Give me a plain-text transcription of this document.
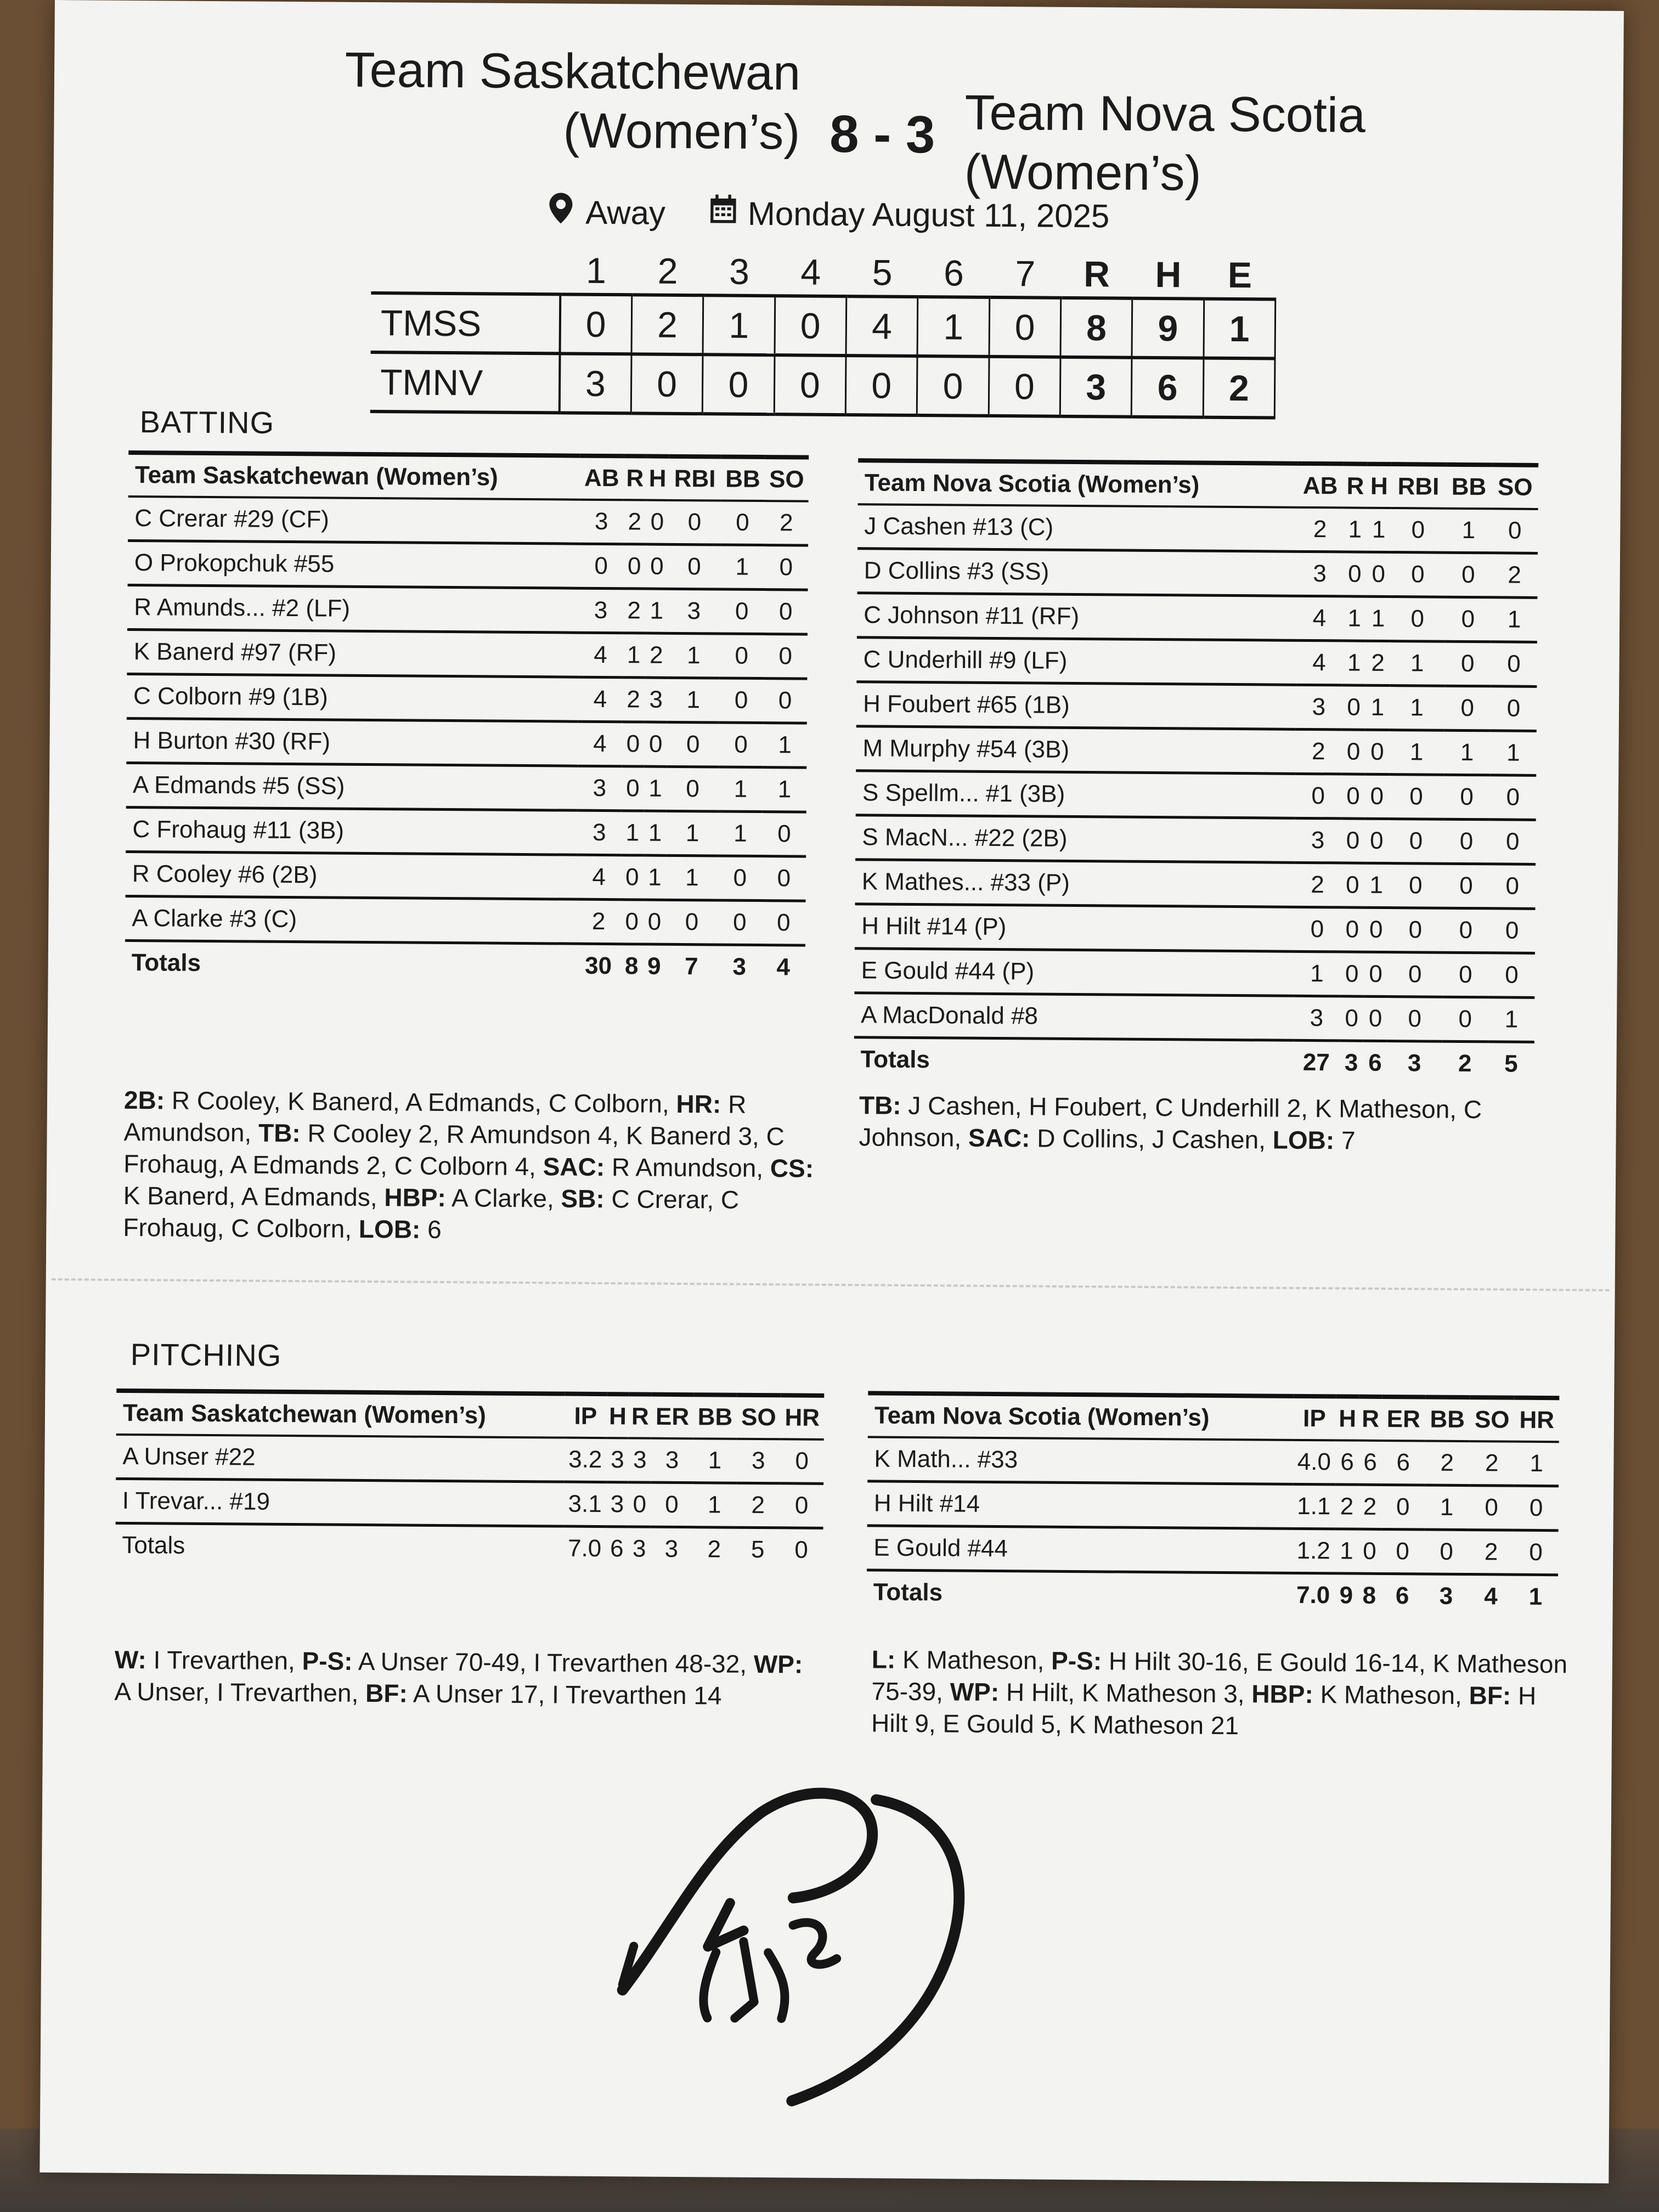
Team Saskatchewan
(Women’s) 8 - 3 Team Nova Scotia
(Women’s)
Away Monday August 11, 2025
	1	2	3	4	5	6	7	R	H	E
TMSS	0	2	1	0	4	1	0	8	9	1
TMNV	3	0	0	0	0	0	0	3	6	2
BATTING
Team Saskatchewan (Women’s)	AB	R	H	RBI	BB	SO
C Crerar #29 (CF)	3	2	0	0	0	2
O Prokopchuk #55	0	0	0	0	1	0
R Amunds... #2 (LF)	3	2	1	3	0	0
K Banerd #97 (RF)	4	1	2	1	0	0
C Colborn #9 (1B)	4	2	3	1	0	0
H Burton #30 (RF)	4	0	0	0	0	1
A Edmands #5 (SS)	3	0	1	0	1	1
C Frohaug #11 (3B)	3	1	1	1	1	0
R Cooley #6 (2B)	4	0	1	1	0	0
A Clarke #3 (C)	2	0	0	0	0	0
Totals	30	8	9	7	3	4
Team Nova Scotia (Women’s)	AB	R	H	RBI	BB	SO
J Cashen #13 (C)	2	1	1	0	1	0
D Collins #3 (SS)	3	0	0	0	0	2
C Johnson #11 (RF)	4	1	1	0	0	1
C Underhill #9 (LF)	4	1	2	1	0	0
H Foubert #65 (1B)	3	0	1	1	0	0
M Murphy #54 (3B)	2	0	0	1	1	1
S Spellm... #1 (3B)	0	0	0	0	0	0
S MacN... #22 (2B)	3	0	0	0	0	0
K Mathes... #33 (P)	2	0	1	0	0	0
H Hilt #14 (P)	0	0	0	0	0	0
E Gould #44 (P)	1	0	0	0	0	0
A MacDonald #8	3	0	0	0	0	1
Totals	27	3	6	3	2	5
2B: R Cooley, K Banerd, A Edmands, C Colborn, HR: R Amundson, TB: R Cooley 2, R Amundson 4, K Banerd 3, C Frohaug, A Edmands 2, C Colborn 4, SAC: R Amundson, CS: K Banerd, A Edmands, HBP: A Clarke, SB: C Crerar, C Frohaug, C Colborn, LOB: 6
TB: J Cashen, H Foubert, C Underhill 2, K Matheson, C Johnson, SAC: D Collins, J Cashen, LOB: 7
PITCHING
Team Saskatchewan (Women’s)	IP	H	R	ER	BB	SO	HR
A Unser #22	3.2	3	3	3	1	3	0
I Trevar... #19	3.1	3	0	0	1	2	0
Totals	7.0	6	3	3	2	5	0
Team Nova Scotia (Women’s)	IP	H	R	ER	BB	SO	HR
K Math... #33	4.0	6	6	6	2	2	1
H Hilt #14	1.1	2	2	0	1	0	0
E Gould #44	1.2	1	0	0	0	2	0
Totals	7.0	9	8	6	3	4	1
W: I Trevarthen, P-S: A Unser 70-49, I Trevarthen 48-32, WP: A Unser, I Trevarthen, BF: A Unser 17, I Trevarthen 14
L: K Matheson, P-S: H Hilt 30-16, E Gould 16-14, K Matheson 75-39, WP: H Hilt, K Matheson 3, HBP: K Matheson, BF: H Hilt 9, E Gould 5, K Matheson 21
